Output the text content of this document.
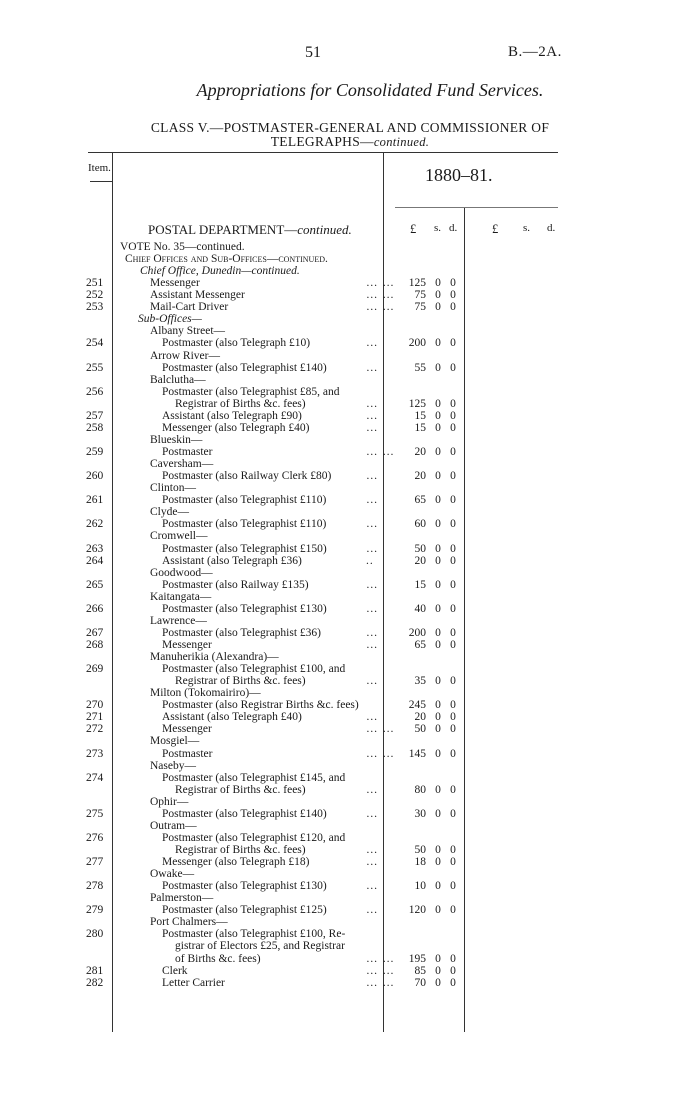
51	B.—2A.
Appropriations for Consolidated Fund Services.
CLASS V.—POSTMASTER-GENERAL AND COMMISSIONER OF
TELEGRAPHS—continued.
Item.	1880–81.
POSTAL DEPARTMENT—continued.	£ s. d.	£ s. d.
VOTE No. 35—continued.
Chief Offices and Sub-Offices—continued.
Chief Office, Dunedin—continued.
251	Messenger	… …	125 0 0
252	Assistant Messenger	… …	75 0 0
253	Mail-Cart Driver	… …	75 0 0
Sub-Offices—
Albany Street—
254	Postmaster (also Telegraph £10)	…	200 0 0
Arrow River—
255	Postmaster (also Telegraphist £140)	…	55 0 0
Balclutha—
256	Postmaster (also Telegraphist £85, and
Registrar of Births &c. fees)	…	125 0 0
257	Assistant (also Telegraph £90)	…	15 0 0
258	Messenger (also Telegraph £40)	…	15 0 0
Blueskin—
259	Postmaster	… …	20 0 0
Caversham—
260	Postmaster (also Railway Clerk £80)	…	20 0 0
Clinton—
261	Postmaster (also Telegraphist £110)	…	65 0 0
Clyde—
262	Postmaster (also Telegraphist £110)	…	60 0 0
Cromwell—
263	Postmaster (also Telegraphist £150)	…	50 0 0
264	Assistant (also Telegraph £36)	..	20 0 0
Goodwood—
265	Postmaster (also Railway £135)	…	15 0 0
Kaitangata—
266	Postmaster (also Telegraphist £130)	…	40 0 0
Lawrence—
267	Postmaster (also Telegraphist £36)	…	200 0 0
268	Messenger	…	65 0 0
Manuherikia (Alexandra)—
269	Postmaster (also Telegraphist £100, and
Registrar of Births &c. fees)	…	35 0 0
Milton (Tokomairiro)—
270	Postmaster (also Registrar Births &c. fees)	245 0 0
271	Assistant (also Telegraph £40)	…	20 0 0
272	Messenger	… …	50 0 0
Mosgiel—
273	Postmaster	… …	145 0 0
Naseby—
274	Postmaster (also Telegraphist £145, and
Registrar of Births &c. fees)	…	80 0 0
Ophir—
275	Postmaster (also Telegraphist £140)	…	30 0 0
Outram—
276	Postmaster (also Telegraphist £120, and
Registrar of Births &c. fees)	…	50 0 0
277	Messenger (also Telegraph £18)	…	18 0 0
Owake—
278	Postmaster (also Telegraphist £130)	…	10 0 0
Palmerston—
279	Postmaster (also Telegraphist £125)	…	120 0 0
Port Chalmers—
280	Postmaster (also Telegraphist £100, Re-
gistrar of Electors £25, and Registrar
of Births &c. fees)	… …	195 0 0
281	Clerk	… …	85 0 0
282	Letter Carrier	… …	70 0 0
